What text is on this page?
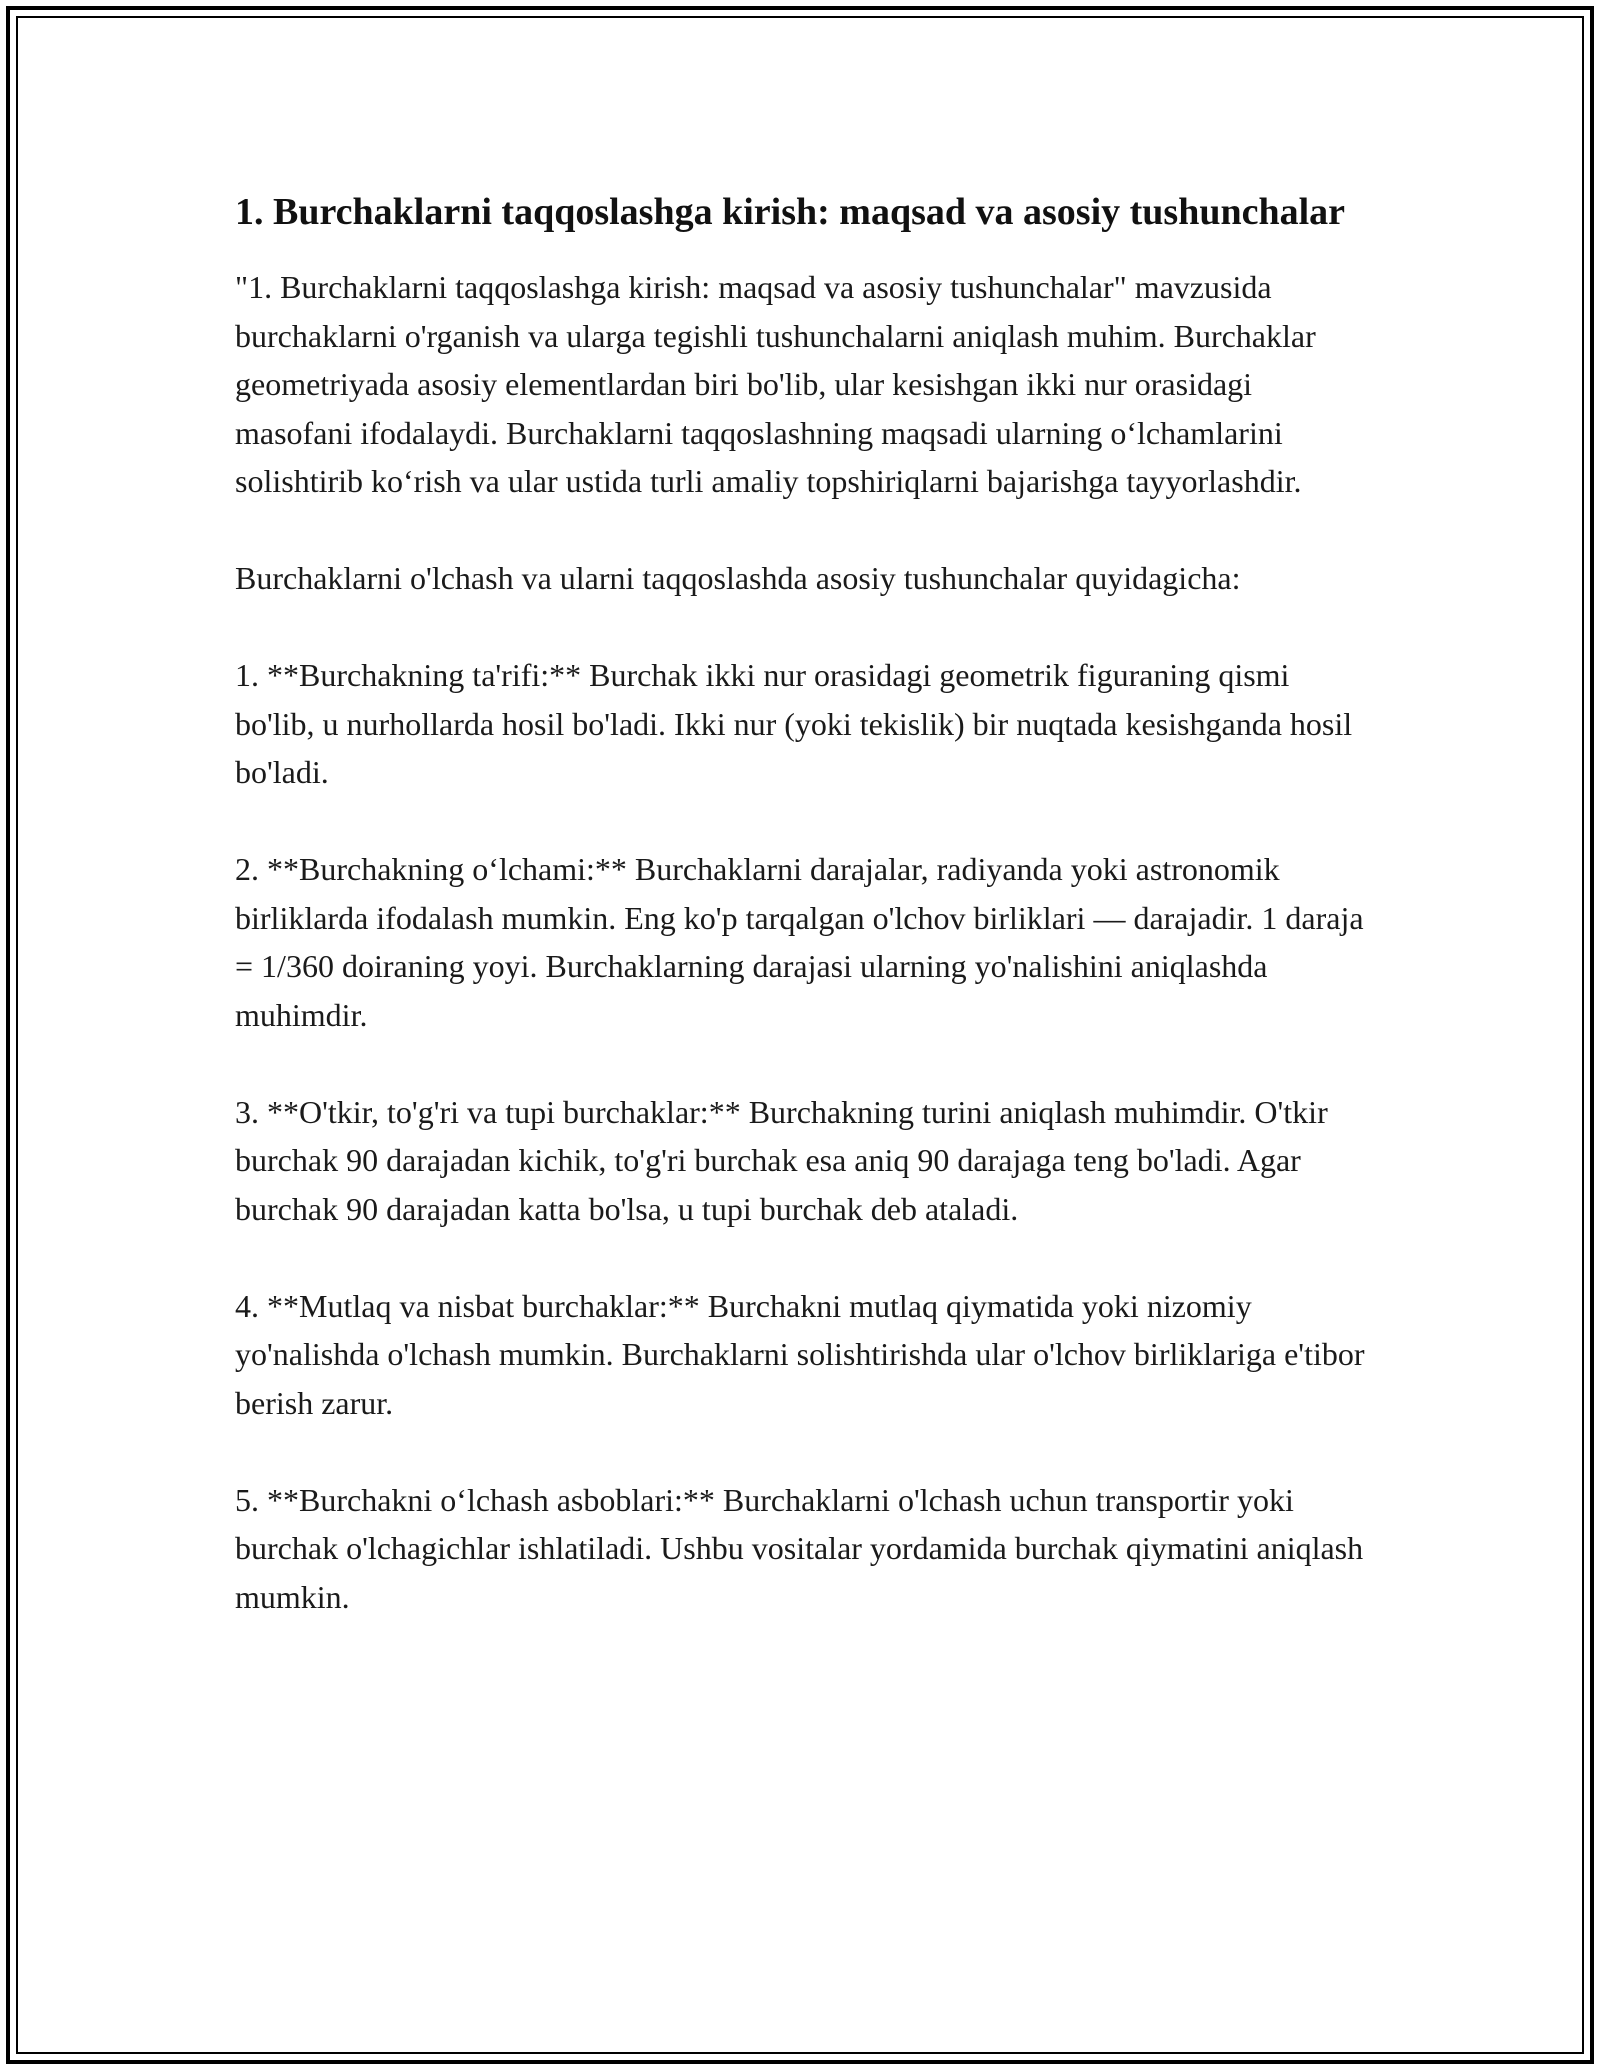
1. Burchaklarni taqqoslashga kirish: maqsad va asosiy tushunchalar

"1. Burchaklarni taqqoslashga kirish: maqsad va asosiy tushunchalar" mavzusida burchaklarni o'rganish va ularga tegishli tushunchalarni aniqlash muhim. Burchaklar geometriyada asosiy elementlardan biri bo'lib, ular kesishgan ikki nur orasidagi masofani ifodalaydi. Burchaklarni taqqoslashning maqsadi ularning o‘lchamlarini solishtirib ko‘rish va ular ustida turli amaliy topshiriqlarni bajarishga tayyorlashdir.

Burchaklarni o'lchash va ularni taqqoslashda asosiy tushunchalar quyidagicha:

1. **Burchakning ta'rifi:** Burchak ikki nur orasidagi geometrik figuraning qismi bo'lib, u nurhollarda hosil bo'ladi. Ikki nur (yoki tekislik) bir nuqtada kesishganda hosil bo'ladi.

2. **Burchakning o‘lchami:** Burchaklarni darajalar, radiyanda yoki astronomik birliklarda ifodalash mumkin. Eng ko'p tarqalgan o'lchov birliklari — darajadir. 1 daraja = 1/360 doiraning yoyi. Burchaklarning darajasi ularning yo'nalishini aniqlashda muhimdir.

3. **O'tkir, to'g'ri va tupi burchaklar:** Burchakning turini aniqlash muhimdir. O'tkir burchak 90 darajadan kichik, to'g'ri burchak esa aniq 90 darajaga teng bo'ladi. Agar burchak 90 darajadan katta bo'lsa, u tupi burchak deb ataladi.

4. **Mutlaq va nisbat burchaklar:** Burchakni mutlaq qiymatida yoki nizomiy yo'nalishda o'lchash mumkin. Burchaklarni solishtirishda ular o'lchov birliklariga e'tibor berish zarur.

5. **Burchakni o‘lchash asboblari:** Burchaklarni o'lchash uchun transportir yoki burchak o'lchagichlar ishlatiladi. Ushbu vositalar yordamida burchak qiymatini aniqlash mumkin.
